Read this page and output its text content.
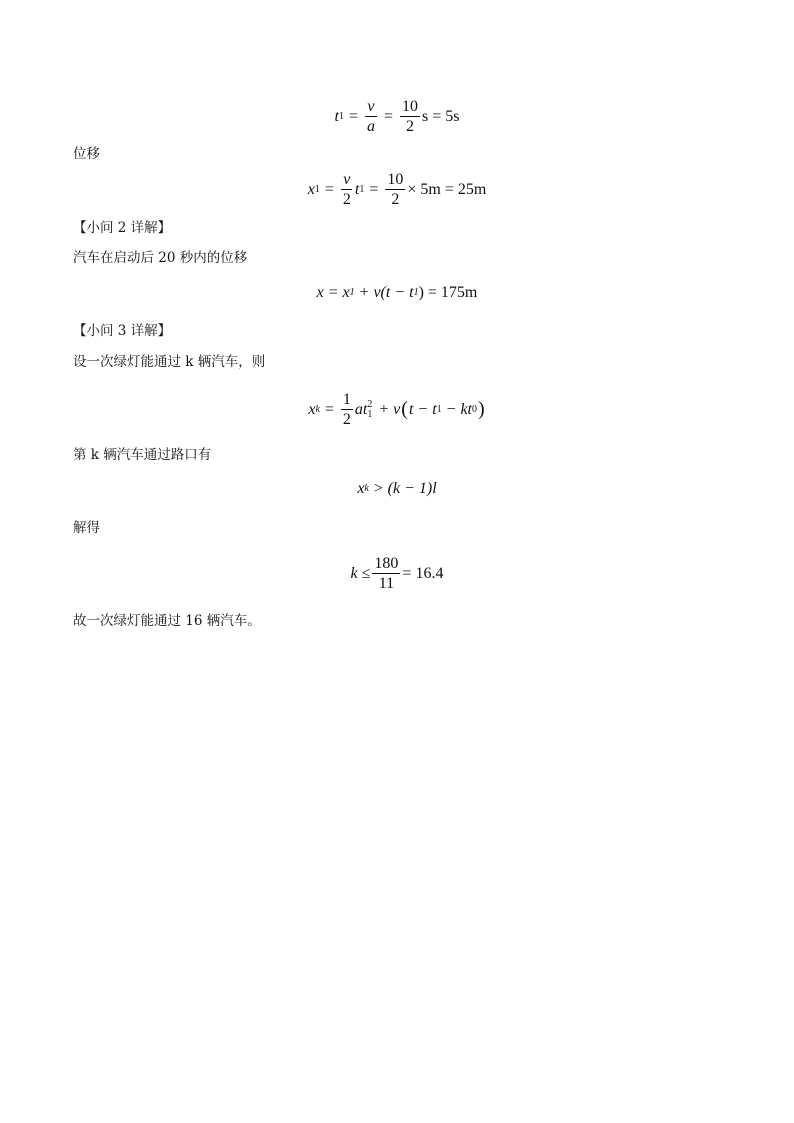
t $1 = \frac{v}{a} = \frac{10}{2}$ s = 5s
位移
x $1 = \frac{v}{2}$ t $1 = \frac{10}{2} \times 5m = 25m$
【小问 2 详解】
汽车在启动后 20 秒内的位移
x = x 1 + v(t − t 1 ) = 175m
【小问 3 详解】
设一次绿灯能通过 k 辆汽车，则
x $k = \frac{1}{2}$ at 2
1 + v ( t − t 1 − kt 0 )
第 k 辆汽车通过路口有
x k > (k − 1)l
解得
$k \le \frac{180}{11} = 16.4$
故一次绿灯能通过 16 辆汽车。
